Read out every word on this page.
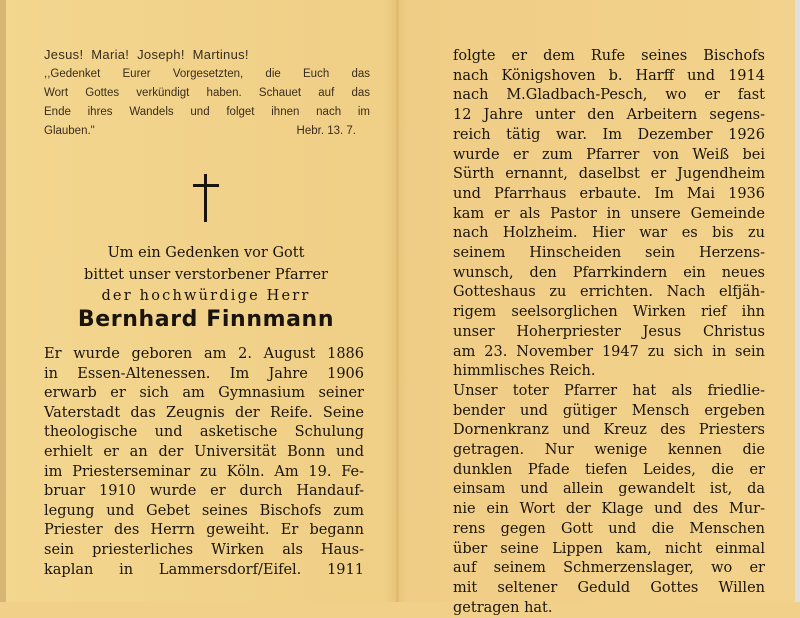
Jesus! Maria! Joseph! Martinus!
,,Gedenket Eurer Vorgesetzten, die Euch das
Wort Gottes verkündigt haben. Schauet auf das
Ende ihres Wandels und folget ihnen nach im
Glauben."	Hebr. 13. 7.
Um ein Gedenken vor Gott
bittet unser verstorbener Pfarrer
der hochwürdige Herr
Bernhard Finnmann
Er wurde geboren am 2. August 1886
in Essen-Altenessen. Im Jahre 1906
erwarb er sich am Gymnasium seiner
Vaterstadt das Zeugnis der Reife. Seine
theologische und asketische Schulung
erhielt er an der Universität Bonn und
im Priesterseminar zu Köln. Am 19. Fe-
bruar 1910 wurde er durch Handauf-
legung und Gebet seines Bischofs zum
Priester des Herrn geweiht. Er begann
sein priesterliches Wirken als Haus-
kaplan in Lammersdorf/Eifel. 1911
folgte er dem Rufe seines Bischofs
nach Königshoven b. Harff und 1914
nach M.Gladbach-Pesch, wo er fast
12 Jahre unter den Arbeitern segens-
reich tätig war. Im Dezember 1926
wurde er zum Pfarrer von Weiß bei
Sürth ernannt, daselbst er Jugendheim
und Pfarrhaus erbaute. Im Mai 1936
kam er als Pastor in unsere Gemeinde
nach Holzheim. Hier war es bis zu
seinem Hinscheiden sein Herzens-
wunsch, den Pfarrkindern ein neues
Gotteshaus zu errichten. Nach elfjäh-
rigem seelsorglichen Wirken rief ihn
unser Hoherpriester Jesus Christus
am 23. November 1947 zu sich in sein
himmlisches Reich.
Unser toter Pfarrer hat als friedlie-
bender und gütiger Mensch ergeben
Dornenkranz und Kreuz des Priesters
getragen. Nur wenige kennen die
dunklen Pfade tiefen Leides, die er
einsam und allein gewandelt ist, da
nie ein Wort der Klage und des Mur-
rens gegen Gott und die Menschen
über seine Lippen kam, nicht einmal
auf seinem Schmerzenslager, wo er
mit seltener Geduld Gottes Willen
getragen hat.
